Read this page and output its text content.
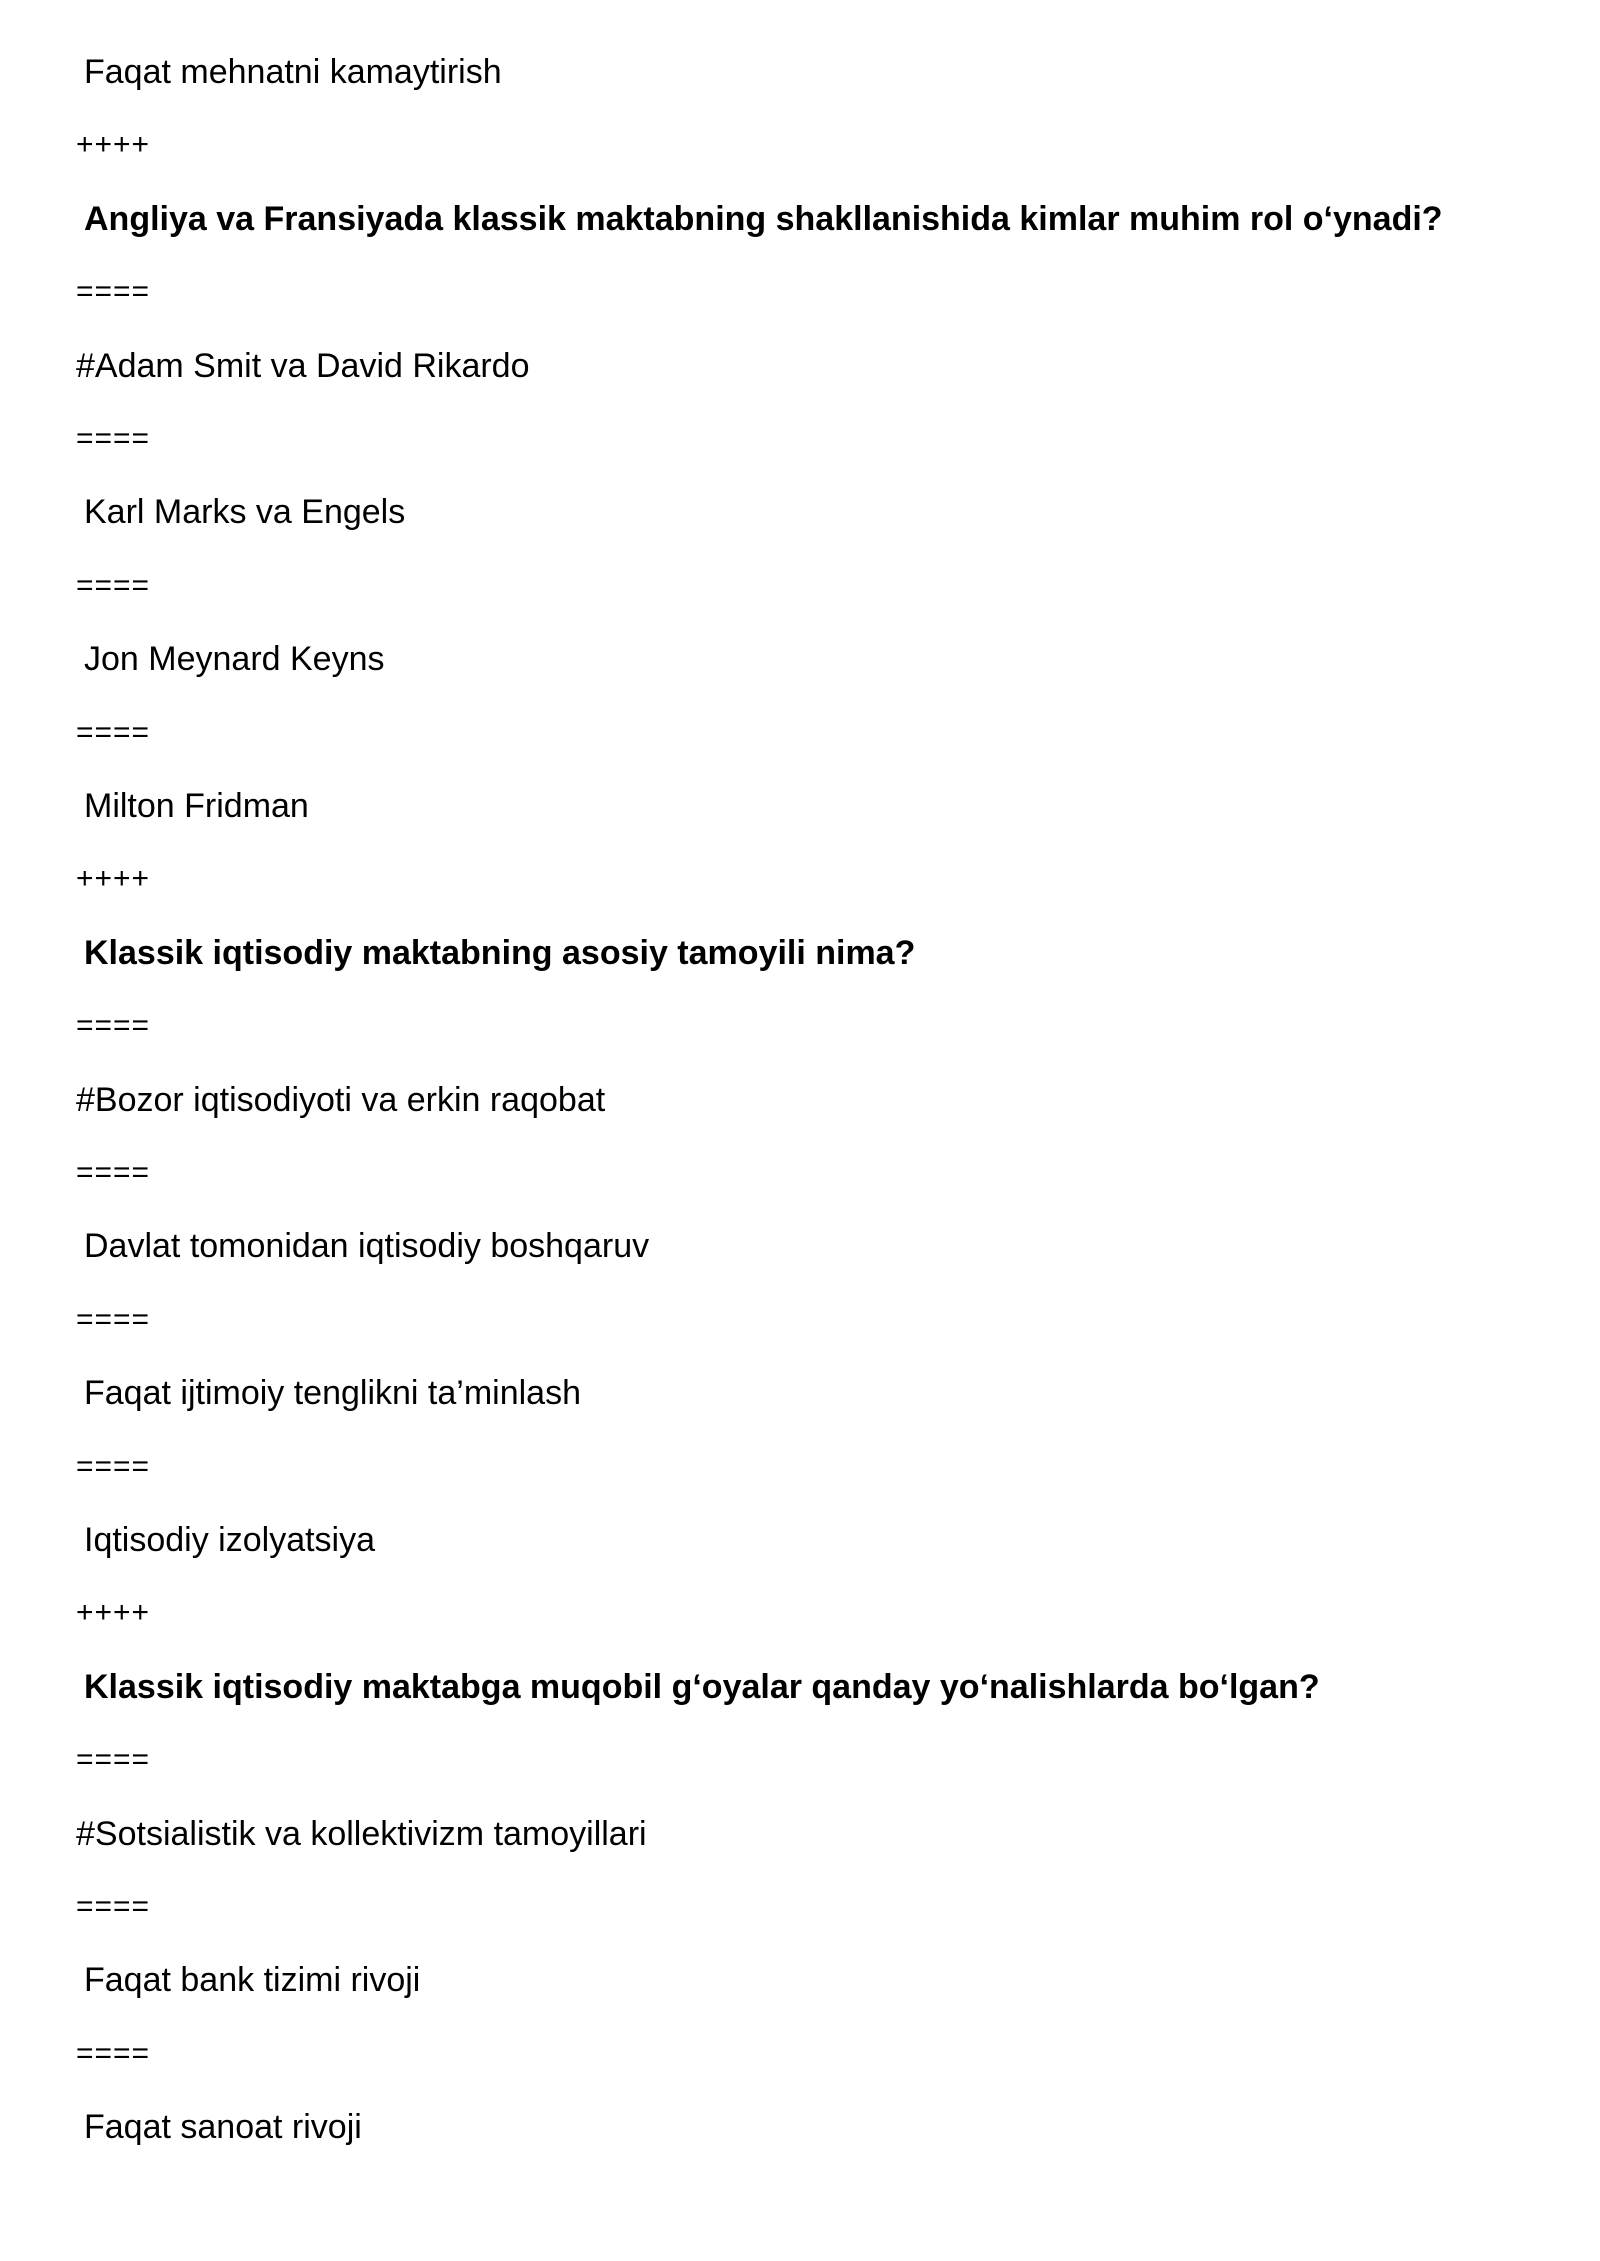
Faqat mehnatni kamaytirish
++++
Angliya va Fransiyada klassik maktabning shakllanishida kimlar muhim rol o‘ynadi?
====
#Adam Smit va David Rikardo
====
Karl Marks va Engels
====
Jon Meynard Keyns
====
Milton Fridman
++++
Klassik iqtisodiy maktabning asosiy tamoyili nima?
====
#Bozor iqtisodiyoti va erkin raqobat
====
Davlat tomonidan iqtisodiy boshqaruv
====
Faqat ijtimoiy tenglikni ta’minlash
====
Iqtisodiy izolyatsiya
++++
Klassik iqtisodiy maktabga muqobil g‘oyalar qanday yo‘nalishlarda bo‘lgan?
====
#Sotsialistik va kollektivizm tamoyillari
====
Faqat bank tizimi rivoji
====
Faqat sanoat rivoji
